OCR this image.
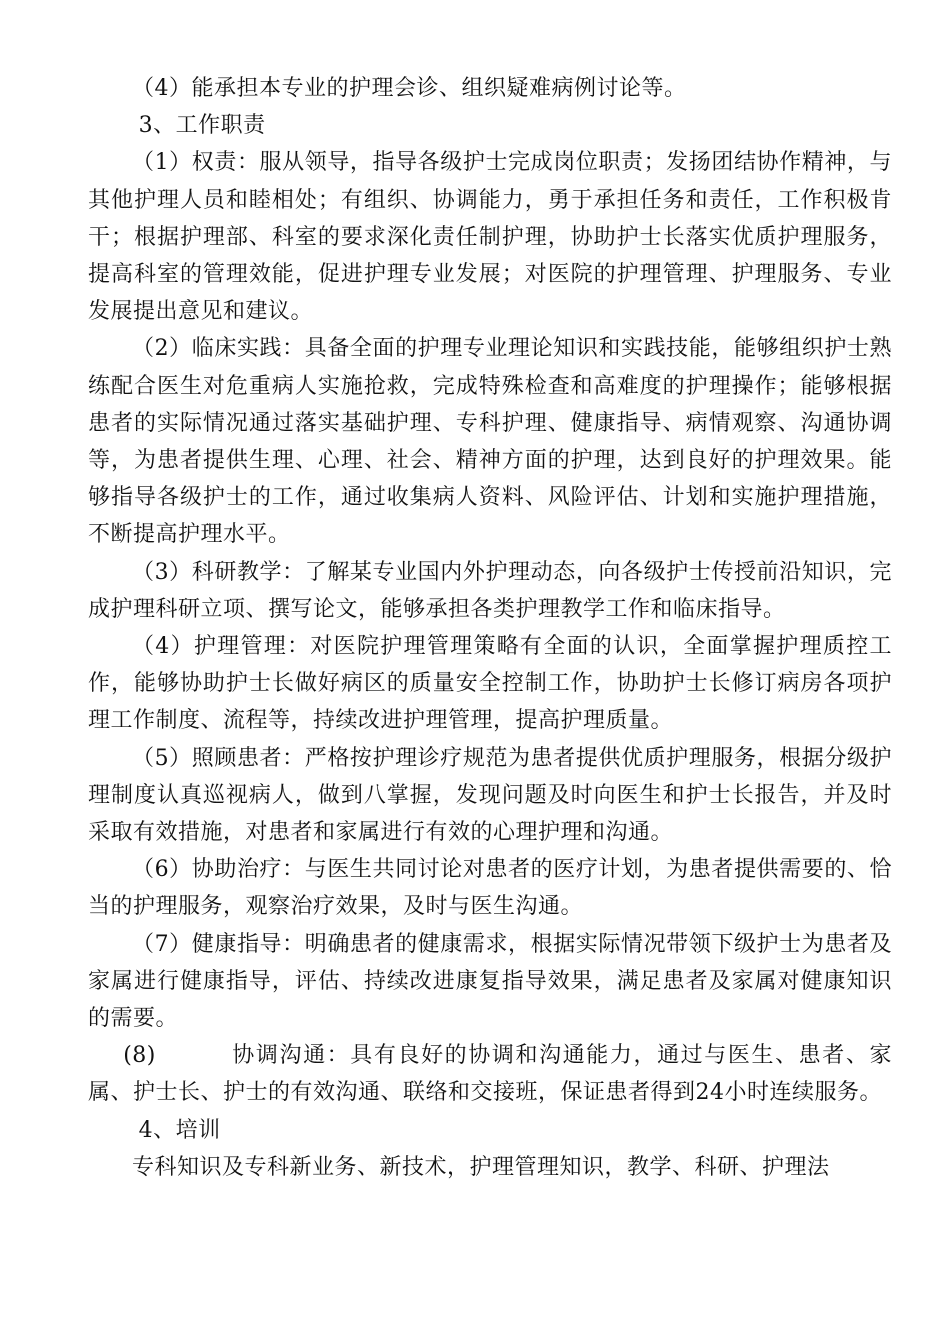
（4）能承担本专业的护理会诊、组织疑难病例讨论等。

3、工作职责

（1）权责：服从领导，指导各级护士完成岗位职责；发扬团结协作精神，与其他护理人员和睦相处；有组织、协调能力，勇于承担任务和责任，工作积极肯干；根据护理部、科室的要求深化责任制护理，协助护士长落实优质护理服务，提高科室的管理效能，促进护理专业发展；对医院的护理管理、护理服务、专业发展提出意见和建议。

（2）临床实践：具备全面的护理专业理论知识和实践技能，能够组织护士熟练配合医生对危重病人实施抢救，完成特殊检查和高难度的护理操作；能够根据患者的实际情况通过落实基础护理、专科护理、健康指导、病情观察、沟通协调等，为患者提供生理、心理、社会、精神方面的护理，达到良好的护理效果。能够指导各级护士的工作，通过收集病人资料、风险评估、计划和实施护理措施，不断提高护理水平。

（3）科研教学：了解某专业国内外护理动态，向各级护士传授前沿知识，完成护理科研立项、撰写论文，能够承担各类护理教学工作和临床指导。

（4）护理管理：对医院护理管理策略有全面的认识，全面掌握护理质控工作，能够协助护士长做好病区的质量安全控制工作，协助护士长修订病房各项护理工作制度、流程等，持续改进护理管理，提高护理质量。

（5）照顾患者：严格按护理诊疗规范为患者提供优质护理服务，根据分级护理制度认真巡视病人，做到八掌握，发现问题及时向医生和护士长报告，并及时采取有效措施，对患者和家属进行有效的心理护理和沟通。

（6）协助治疗：与医生共同讨论对患者的医疗计划，为患者提供需要的、恰当的护理服务，观察治疗效果，及时与医生沟通。

（7）健康指导：明确患者的健康需求，根据实际情况带领下级护士为患者及家属进行健康指导，评估、持续改进康复指导效果，满足患者及家属对健康知识的需要。

(8)	协调沟通：具有良好的协调和沟通能力，通过与医生、患者、家属、护士长、护士的有效沟通、联络和交接班，保证患者得到24小时连续服务。

4、培训

专科知识及专科新业务、新技术，护理管理知识，教学、科研、护理法
